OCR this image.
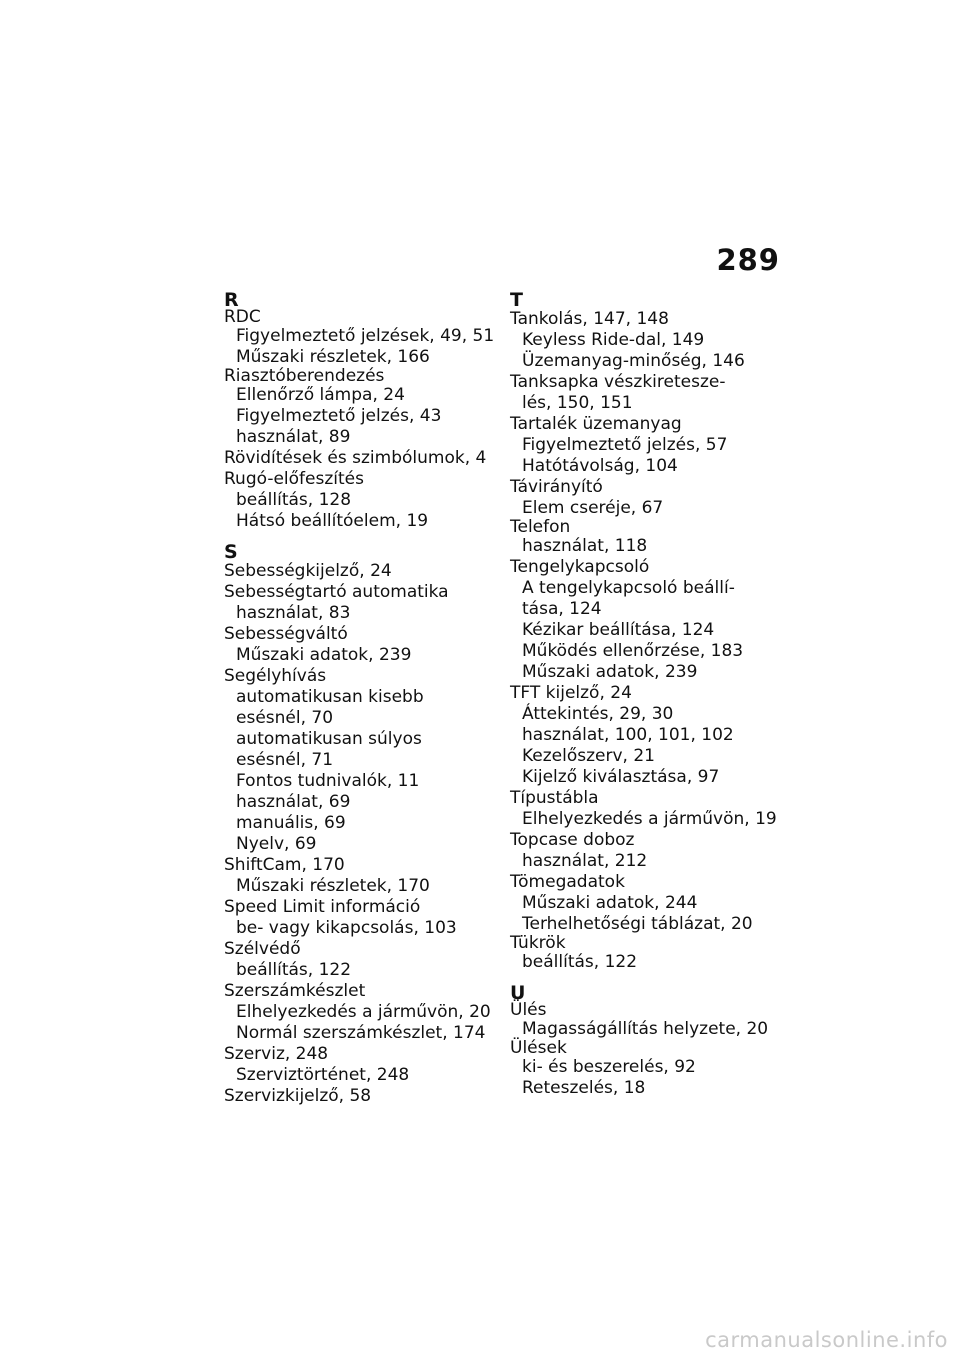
289
R
RDC
Figyelmeztető jelzések, 49, 51
Műszaki részletek, 166
Riasztóberendezés
Ellenőrző lámpa, 24
Figyelmeztető jelzés, 43
használat, 89
Rövidítések és szimbólumok, 4
Rugó-előfeszítés
beállítás, 128
Hátsó beállítóelem, 19
S
Sebességkijelző, 24
Sebességtartó automatika
használat, 83
Sebességváltó
Műszaki adatok, 239
Segélyhívás
automatikusan kisebb
esésnél, 70
automatikusan súlyos
esésnél, 71
Fontos tudnivalók, 11
használat, 69
manuális, 69
Nyelv, 69
ShiftCam, 170
Műszaki részletek, 170
Speed Limit információ
be- vagy kikapcsolás, 103
Szélvédő
beállítás, 122
Szerszámkészlet
Elhelyezkedés a járművön, 20
Normál szerszámkészlet, 174
Szerviz, 248
Szerviztörténet, 248
Szervizkijelző, 58
T
Tankolás, 147, 148
Keyless Ride-dal, 149
Üzemanyag-minőség, 146
Tanksapka vészkiretesze-
lés, 150, 151
Tartalék üzemanyag
Figyelmeztető jelzés, 57
Hatótávolság, 104
Távirányító
Elem cseréje, 67
Telefon
használat, 118
Tengelykapcsoló
A tengelykapcsoló beállí-
tása, 124
Kézikar beállítása, 124
Működés ellenőrzése, 183
Műszaki adatok, 239
TFT kijelző, 24
Áttekintés, 29, 30
használat, 100, 101, 102
Kezelőszerv, 21
Kijelző kiválasztása, 97
Típustábla
Elhelyezkedés a járművön, 19
Topcase doboz
használat, 212
Tömegadatok
Műszaki adatok, 244
Terhelhetőségi táblázat, 20
Tükrök
beállítás, 122
U
Ülés
Magasságállítás helyzete, 20
Ülések
ki- és beszerelés, 92
Reteszelés, 18
carmanualsonline.info
